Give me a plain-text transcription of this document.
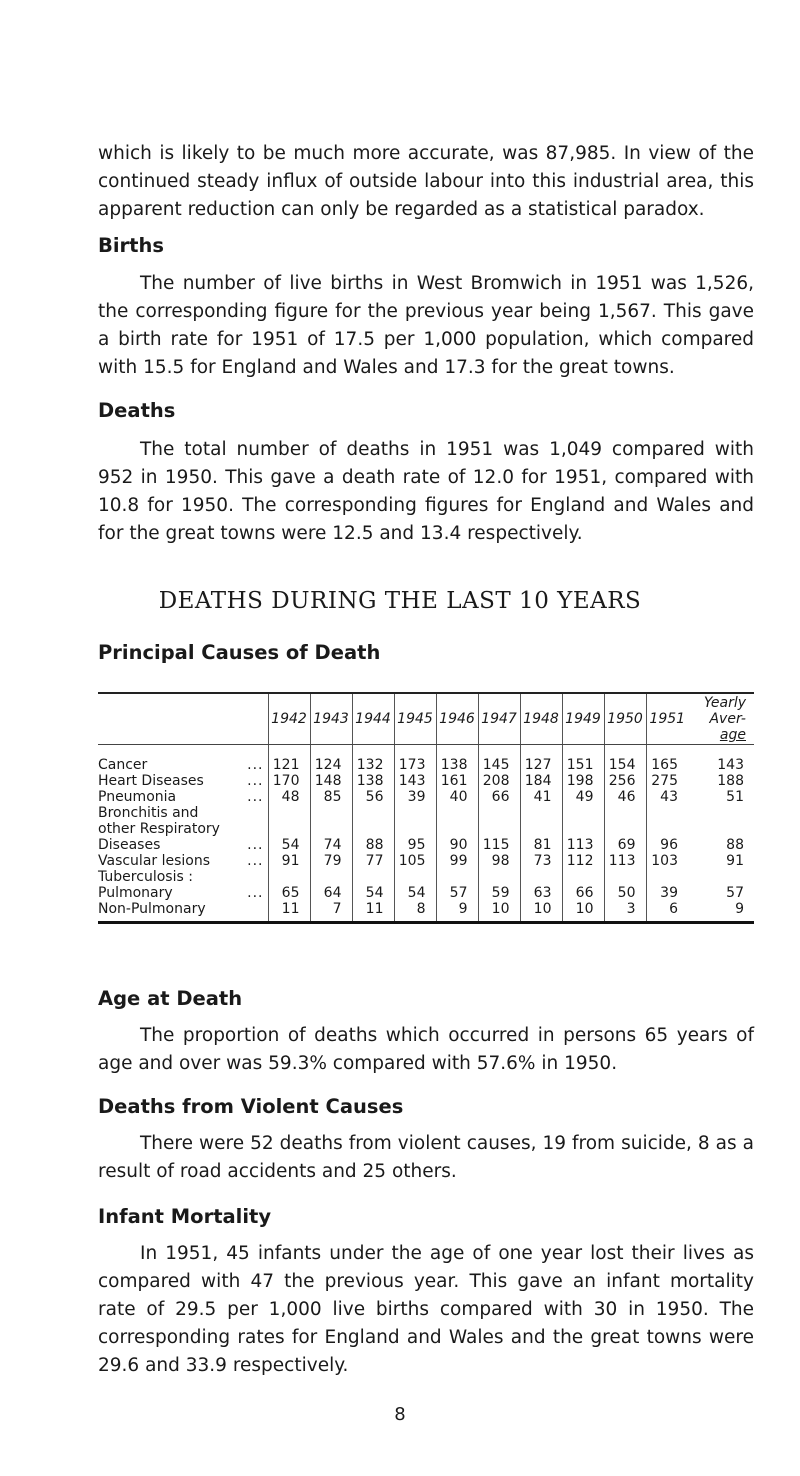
which is likely to be much more accurate, was 87,985. In view of the continued steady influx of outside labour into this industrial area, this apparent reduction can only be regarded as a statistical paradox.

Births

The number of live births in West Bromwich in 1951 was 1,526, the corresponding figure for the previous year being 1,567. This gave a birth rate for 1951 of 17.5 per 1,000 population, which compared with 15.5 for England and Wales and 17.3 for the great towns.

Deaths

The total number of deaths in 1951 was 1,049 compared with 952 in 1950. This gave a death rate of 12.0 for 1951, compared with 10.8 for 1950. The corresponding figures for England and Wales and for the great towns were 12.5 and 13.4 respectively.

DEATHS DURING THE LAST 10 YEARS
Principal Causes of Death

	1942	1943	1944	1945	1946	1947	1948	1949	1950	1951	Yearly
Aver-
age

Cancer ...	121	124	132	173	138	145	127	151	154	165	143
Heart Diseases ...	170	148	138	143	161	208	184	198	256	275	188
Pneumonia ...	48	85	56	39	40	66	41	49	46	43	51
Bronchitis and											
other Respiratory											
Diseases ...	54	74	88	95	90	115	81	113	69	96	88
Vascular lesions ...	91	79	77	105	99	98	73	112	113	103	91
Tuberculosis :											
Pulmonary ...	65	64	54	54	57	59	63	66	50	39	57
Non-Pulmonary	11	7	11	8	9	10	10	10	3	6	9
Age at Death

The proportion of deaths which occurred in persons 65 years of age and over was 59.3% compared with 57.6% in 1950.

Deaths from Violent Causes

There were 52 deaths from violent causes, 19 from suicide, 8 as a result of road accidents and 25 others.

Infant Mortality

In 1951, 45 infants under the age of one year lost their lives as compared with 47 the previous year. This gave an infant mortality rate of 29.5 per 1,000 live births compared with 30 in 1950. The corresponding rates for England and Wales and the great towns were 29.6 and 33.9 respectively.

8
